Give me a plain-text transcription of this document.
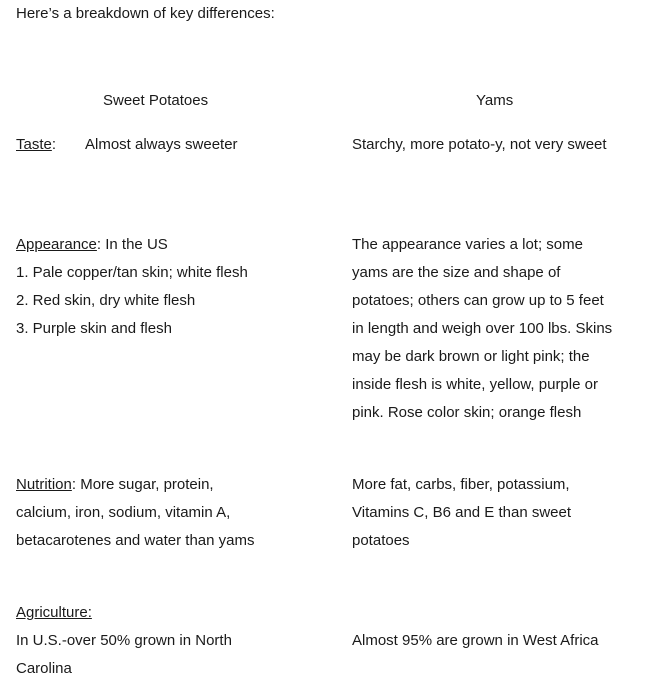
Here’s a breakdown of key differences:
Sweet Potatoes	Yams
Taste: Almost always sweeter	Starchy, more potato-y, not very sweet
Appearance: In the US
1. Pale copper/tan skin; white flesh
2. Red skin, dry white flesh
3. Purple skin and flesh
The appearance varies a lot; some
yams are the size and shape of
potatoes; others can grow up to 5 feet
in length and weigh over 100 lbs. Skins
may be dark brown or light pink; the
inside flesh is white, yellow, purple or
pink. Rose color skin; orange flesh
Nutrition: More sugar, protein,
calcium, iron, sodium, vitamin A,
betacarotenes and water than yams
More fat, carbs, fiber, potassium,
Vitamins C, B6 and E than sweet
potatoes
Agriculture:
In U.S.-over 50% grown in North
Carolina
Almost 95% are grown in West Africa
